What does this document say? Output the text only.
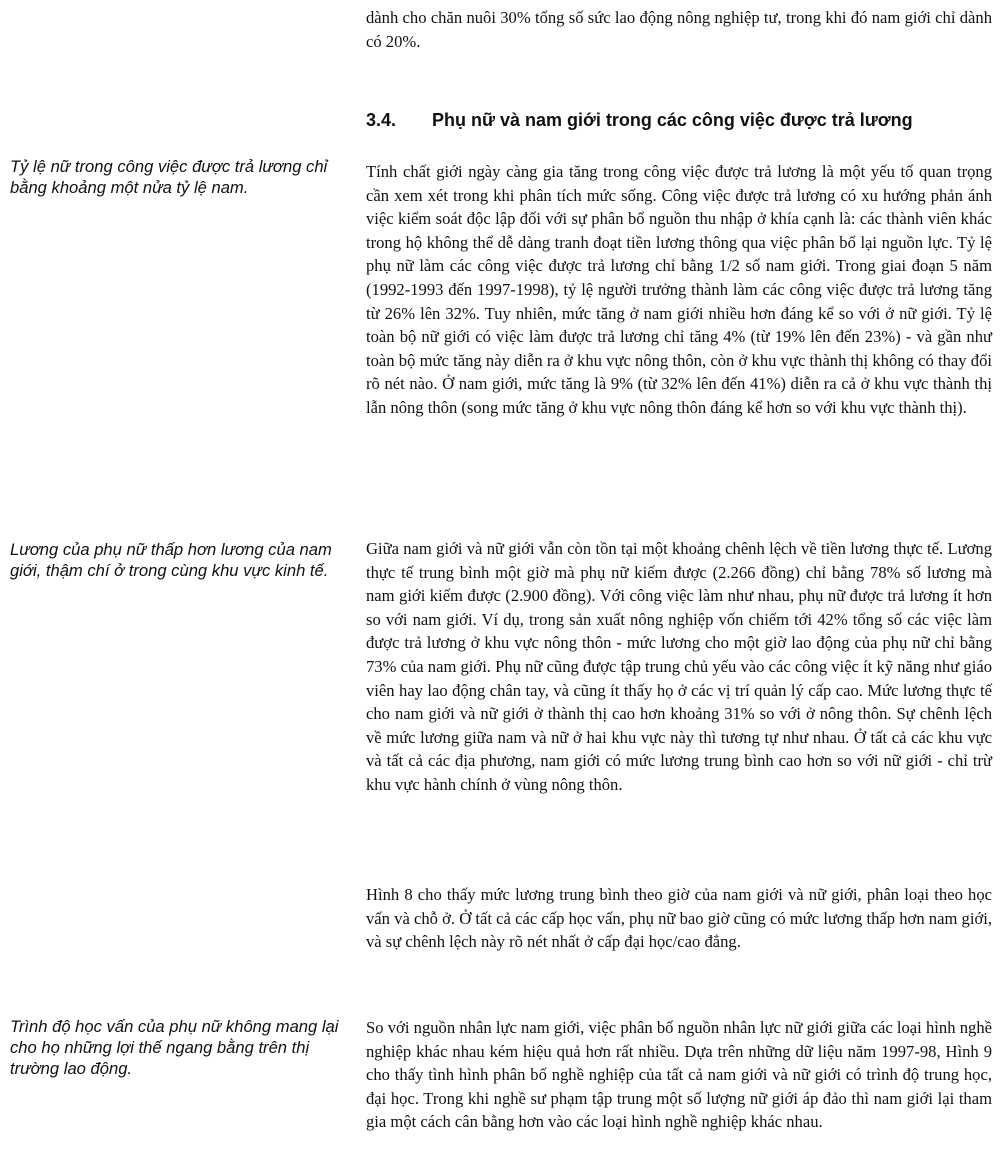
dành cho chăn nuôi 30% tổng số sức lao động nông nghiệp tư, trong khi đó nam giới chỉ dành có 20%.

3.4. Phụ nữ và nam giới trong các công việc được trả lương

Tỷ lệ nữ trong công việc được trả lương chỉ bằng khoảng một nửa tỷ lệ nam.

Tính chất giới ngày càng gia tăng trong công việc được trả lương là một yếu tố quan trọng cần xem xét trong khi phân tích mức sống. Công việc được trả lương có xu hướng phản ánh việc kiểm soát độc lập đối với sự phân bổ nguồn thu nhập ở khía cạnh là: các thành viên khác trong hộ không thể dễ dàng tranh đoạt tiền lương thông qua việc phân bổ lại nguồn lực. Tỷ lệ phụ nữ làm các công việc được trả lương chỉ bằng 1/2 số nam giới. Trong giai đoạn 5 năm (1992-1993 đến 1997-1998), tỷ lệ người trưởng thành làm các công việc được trả lương tăng từ 26% lên 32%. Tuy nhiên, mức tăng ở nam giới nhiều hơn đáng kể so với ở nữ giới. Tỷ lệ toàn bộ nữ giới có việc làm được trả lương chỉ tăng 4% (từ 19% lên đến 23%) - và gần như toàn bộ mức tăng này diễn ra ở khu vực nông thôn, còn ở khu vực thành thị không có thay đổi rõ nét nào. Ở nam giới, mức tăng là 9% (từ 32% lên đến 41%) diễn ra cả ở khu vực thành thị lẫn nông thôn (song mức tăng ở khu vực nông thôn đáng kể hơn so với khu vực thành thị).

Lương của phụ nữ thấp hơn lương của nam giới, thậm chí ở trong cùng khu vực kinh tế.

Giữa nam giới và nữ giới vẫn còn tồn tại một khoảng chênh lệch về tiền lương thực tế. Lương thực tế trung bình một giờ mà phụ nữ kiếm được (2.266 đồng) chỉ bằng 78% số lương mà nam giới kiếm được (2.900 đồng). Với công việc làm như nhau, phụ nữ được trả lương ít hơn so với nam giới. Ví dụ, trong sản xuất nông nghiệp vốn chiếm tới 42% tổng số các việc làm được trả lương ở khu vực nông thôn - mức lương cho một giờ lao động của phụ nữ chỉ bằng 73% của nam giới. Phụ nữ cũng được tập trung chủ yếu vào các công việc ít kỹ năng như giáo viên hay lao động chân tay, và cũng ít thấy họ ở các vị trí quản lý cấp cao. Mức lương thực tế cho nam giới và nữ giới ở thành thị cao hơn khoảng 31% so với ở nông thôn. Sự chênh lệch về mức lương giữa nam và nữ ở hai khu vực này thì tương tự như nhau. Ở tất cả các khu vực và tất cả các địa phương, nam giới có mức lương trung bình cao hơn so với nữ giới - chỉ trừ khu vực hành chính ở vùng nông thôn.

Hình 8 cho thấy mức lương trung bình theo giờ của nam giới và nữ giới, phân loại theo học vấn và chỗ ở. Ở tất cả các cấp học vấn, phụ nữ bao giờ cũng có mức lương thấp hơn nam giới, và sự chênh lệch này rõ nét nhất ở cấp đại học/cao đẳng.

Trình độ học vấn của phụ nữ không mang lại cho họ những lợi thế ngang bằng trên thị trường lao động.

So với nguồn nhân lực nam giới, việc phân bố nguồn nhân lực nữ giới giữa các loại hình nghề nghiệp khác nhau kém hiệu quả hơn rất nhiều. Dựa trên những dữ liệu năm 1997-98, Hình 9 cho thấy tình hình phân bố nghề nghiệp của tất cả nam giới và nữ giới có trình độ trung học, đại học. Trong khi nghề sư phạm tập trung một số lượng nữ giới áp đảo thì nam giới lại tham gia một cách cân bằng hơn vào các loại hình nghề nghiệp khác nhau.
